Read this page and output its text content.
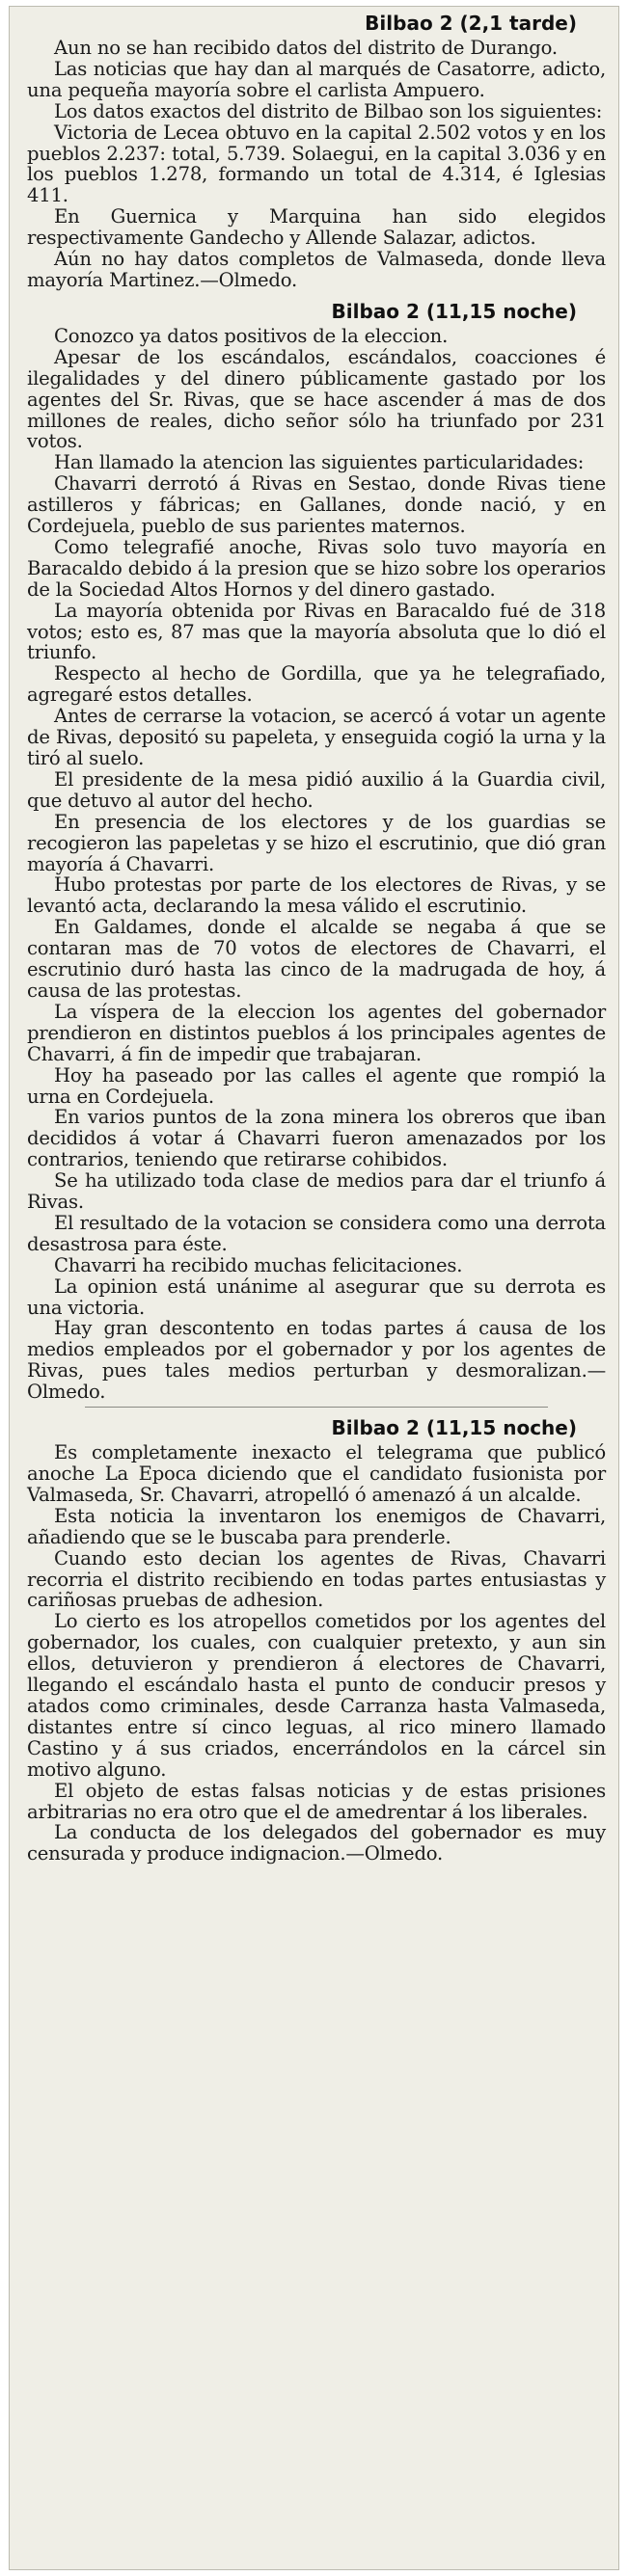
Bilbao 2 (2,1 tarde)

Aun no se han recibido datos del distrito de Durango.

Las noticias que hay dan al marqués de Casatorre, adicto, una pequeña mayoría sobre el carlista Ampuero.

Los datos exactos del distrito de Bilbao son los siguientes:

Victoria de Lecea obtuvo en la capital 2.502 votos y en los pueblos 2.237: total, 5.739. Solaegui, en la capital 3.036 y en los pueblos 1.278, formando un total de 4.314, é Iglesias 411.

En Guernica y Marquina han sido elegidos respectivamente Gandecho y Allende Salazar, adictos.

Aún no hay datos completos de Valmaseda, donde lleva mayoría Martinez.—Olmedo.

Bilbao 2 (11,15 noche)

Conozco ya datos positivos de la eleccion.

Apesar de los escándalos, escándalos, coacciones é ilegalidades y del dinero públicamente gastado por los agentes del Sr. Rivas, que se hace ascender á mas de dos millones de reales, dicho señor sólo ha triunfado por 231 votos.

Han llamado la atencion las siguientes particularidades:

Chavarri derrotó á Rivas en Sestao, donde Rivas tiene astilleros y fábricas; en Gallanes, donde nació, y en Cordejuela, pueblo de sus parientes maternos.

Como telegrafié anoche, Rivas solo tuvo mayoría en Baracaldo debido á la presion que se hizo sobre los operarios de la Sociedad Altos Hornos y del dinero gastado.

La mayoría obtenida por Rivas en Baracaldo fué de 318 votos; esto es, 87 mas que la mayoría absoluta que lo dió el triunfo.

Respecto al hecho de Gordilla, que ya he telegrafiado, agregaré estos detalles.

Antes de cerrarse la votacion, se acercó á votar un agente de Rivas, depositó su papeleta, y enseguida cogió la urna y la tiró al suelo.

El presidente de la mesa pidió auxilio á la Guardia civil, que detuvo al autor del hecho.

En presencia de los electores y de los guardias se recogieron las papeletas y se hizo el escrutinio, que dió gran mayoría á Chavarri.

Hubo protestas por parte de los electores de Rivas, y se levantó acta, declarando la mesa válido el escrutinio.

En Galdames, donde el alcalde se negaba á que se contaran mas de 70 votos de electores de Chavarri, el escrutinio duró hasta las cinco de la madrugada de hoy, á causa de las protestas.

La víspera de la eleccion los agentes del gobernador prendieron en distintos pueblos á los principales agentes de Chavarri, á fin de impedir que trabajaran.

Hoy ha paseado por las calles el agente que rompió la urna en Cordejuela.

En varios puntos de la zona minera los obreros que iban decididos á votar á Chavarri fueron amenazados por los contrarios, teniendo que retirarse cohibidos.

Se ha utilizado toda clase de medios para dar el triunfo á Rivas.

El resultado de la votacion se considera como una derrota desastrosa para éste.

Chavarri ha recibido muchas felicitaciones.

La opinion está unánime al asegurar que su derrota es una victoria.

Hay gran descontento en todas partes á causa de los medios empleados por el gobernador y por los agentes de Rivas, pues tales medios perturban y desmoralizan.—Olmedo.

Bilbao 2 (11,15 noche)

Es completamente inexacto el telegrama que publicó anoche La Epoca diciendo que el candidato fusionista por Valmaseda, Sr. Chavarri, atropelló ó amenazó á un alcalde.

Esta noticia la inventaron los enemigos de Chavarri, añadiendo que se le buscaba para prenderle.

Cuando esto decian los agentes de Rivas, Chavarri recorria el distrito recibiendo en todas partes entusiastas y cariñosas pruebas de adhesion.

Lo cierto es los atropellos cometidos por los agentes del gobernador, los cuales, con cualquier pretexto, y aun sin ellos, detuvieron y prendieron á electores de Chavarri, llegando el escándalo hasta el punto de conducir presos y atados como criminales, desde Carranza hasta Valmaseda, distantes entre sí cinco leguas, al rico minero llamado Castino y á sus criados, encerrándolos en la cárcel sin motivo alguno.

El objeto de estas falsas noticias y de estas prisiones arbitrarias no era otro que el de amedrentar á los liberales.

La conducta de los delegados del gobernador es muy censurada y produce indignacion.—Olmedo.
